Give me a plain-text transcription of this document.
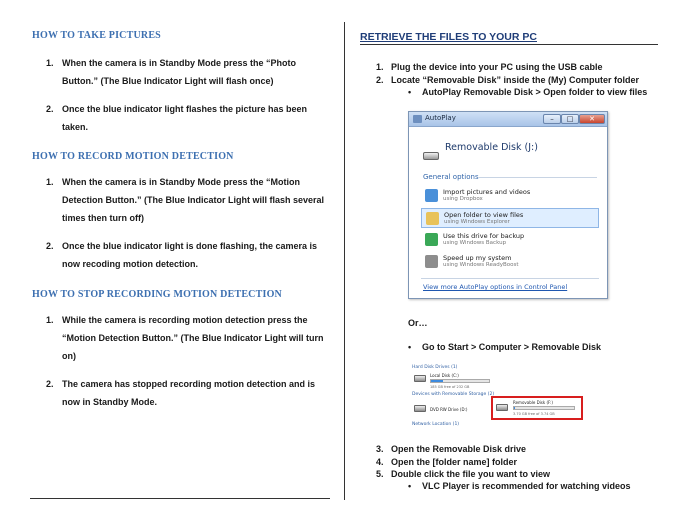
HOW TO TAKE PICTURES
1. When the camera is in Standby Mode press the “Photo
Button.” (The Blue Indicator Light will flash once)
2. Once the blue indicator light flashes the picture has been
taken.
HOW TO RECORD MOTION DETECTION
1. When the camera is in Standby Mode press the “Motion
Detection Button.” (The Blue Indicator Light will flash several
times then turn off)
2. Once the blue indicator light is done flashing, the camera is
now recoding motion detection.
HOW TO STOP RECORDING MOTION DETECTION
1. While the camera is recording motion detection press the
“Motion Detection Button.” (The Blue Indicator Light will turn
on)
2. The camera has stopped recording motion detection and is
now in Standby Mode.
RETRIEVE THE FILES TO YOUR PC
1. Plug the device into your PC using the USB cable
2. Locate “Removable Disk” inside the (My) Computer folder
• AutoPlay Removable Disk > Open folder to view files
AutoPlay	–	□	✕
Removable Disk (J:)
General options
Import pictures and videos
using Dropbox
Open folder to view files
using Windows Explorer
Use this drive for backup
using Windows Backup
Speed up my system
using Windows ReadyBoost
View more AutoPlay options in Control Panel
Or…
• Go to Start > Computer > Removable Disk
Hard Disk Drives (1)
Local Disk (C:)
185 GB free of 232 GB
Devices with Removable Storage (2)
DVD RW Drive (D:)
Removable Disk (F:)
3.70 GB free of 3.74 GB
Network Location (1)
3. Open the Removable Disk drive
4. Open the [folder name] folder
5. Double click the file you want to view
• VLC Player is recommended for watching videos
